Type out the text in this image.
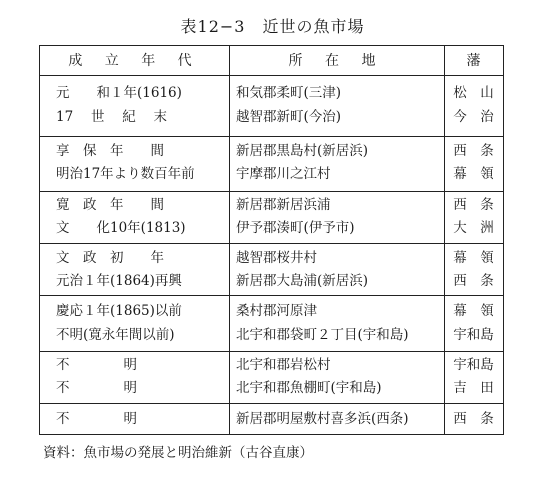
表12−3　近世の魚市場
成 立 年 代	所 在 地	藩
元　　和１年(1616)	和気郡柔町(三津)	松　山
17　 世　 紀　 末	越智郡新町(今治)	今　治
享　保　年　　間	新居郡黒島村(新居浜)	西　条
明治17年より数百年前	宇摩郡川之江村	幕　領
寛　政　年　　間	新居郡新居浜浦	西　条
文　　化10年(1813)	伊予郡湊町(伊予市)	大　洲
文　政　初　　年	越智郡桜井村	幕　領
元治１年(1864)再興	新居郡大島浦(新居浜)	西　条
慶応１年(1865)以前	桑村郡河原津	幕　領
不明(寛永年間以前)	北宇和郡袋町２丁目(宇和島)	宇和島
不　　　　明	北宇和郡岩松村	宇和島
不　　　　明	北宇和郡魚棚町(宇和島)	吉　田
不　　　　明	新居郡明屋敷村喜多浜(西条)	西　条
資料：魚市場の発展と明治維新（古谷直康）
